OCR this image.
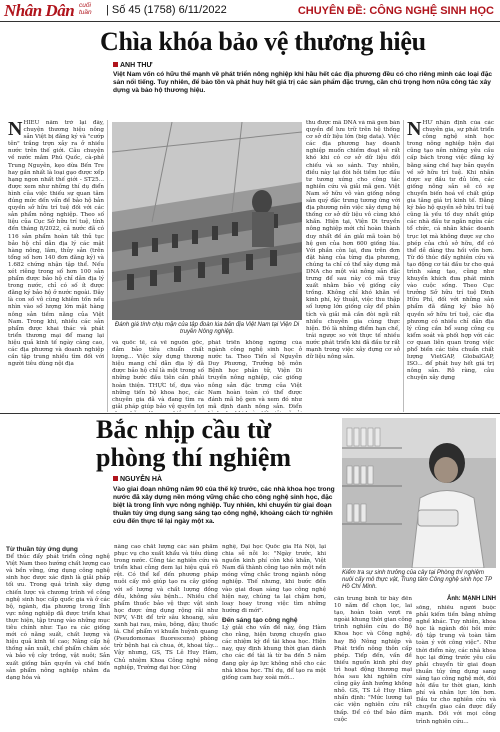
Nhân Dân cuối tuần	| Số 45 (1758) 6/11/2022	CHUYÊN ĐỀ: CÔNG NGHỆ SINH HỌC
Chìa khóa bảo vệ thương hiệu
ANH THƯ
Việt Nam vốn có hữu thế mạnh về phát triển nông nghiệp khi hầu hết các địa phương đều có cho riêng mình các loại đặc sản nổi tiếng. Tuy nhiên, để bảo tồn và phát huy hết giá trị các sản phẩm đặc trưng, cần chú trọng hơn nữa công tác xây dựng và bảo hộ thương hiệu.
NHIỀU năm trở lại đây, chuyện thương hiệu nông sản Việt bị đăng ký và "cướp tên" trắng trợn xảy ra ở nhiều nước trên thế giới. Câu chuyện về nước mắm Phú Quốc, cà-phê Trung Nguyên, kẹo dừa Bến Tre hay gần nhất là loại gạo được xếp hạng ngon nhất thế giới - ST25... được xem như những thí dụ điển hình của việc thiếu sự quan tâm đúng mức đến vấn đề bảo hộ bản quyền sở hữu trí tuệ đối với các sản phẩm nông nghiệp. Theo số liệu của Cục Sở hữu trí tuệ, tính đến tháng 8/2022, cả nước đã có 116 sản phẩm hoàn tất thủ tục bảo hộ chỉ dẫn địa lý các mặt hàng nông, lâm, thủy sản (trên tổng số hơn 140 đơn đăng ký) và 1.682 chứng nhận tập thể. Nếu xét riêng trong số hơn 100 sản phẩm được bảo hộ chỉ dẫn địa lý trong nước, chỉ có số ít được đăng ký bảo hộ ở nước ngoài. Đây là con số vô cùng khiêm tốn nếu nhìn vào số lượng lớn mặt hàng nông sản tiềm năng của Việt Nam. Trong khi, nhiều các sản phẩm được khai thác và phát triển thương mại để mang lại hiệu quả kinh tế ngày càng cao, các địa phương và doanh nghiệp cần tập trung nhiều tìm đối với người tiêu dùng nội địa
Đánh giá tính chịu mặn của tập đoàn lúa bản địa Việt Nam tại Viện Di truyền Nông nghiệp.
và quốc tế, cả về nguồn gốc, đảm bảo tiêu chuẩn chất lượng... Việc xây dựng thương hiệu mang chỉ dẫn địa lý đã được bảo hộ chỉ là một trong số những bước đầu tiên cần phải hoàn thiện. THỰC tế, dựa vào những tiến bộ khoa học, các chuyên gia đã và đang tìm ra giải pháp giúp bảo vệ quyền lợi
phát triển không ngừng của ngành công nghệ sinh học ở nước ta. Theo Tiến sĩ Nguyễn Duy Phương, Trưởng bộ môn Bệnh học phân tử, Viện Di truyền nông nghiệp, các giống nông sản đặc trưng của Việt Nam hoàn toàn có thể được đánh mã bộ gen và xem đó như mã định danh nông sản. Điển
thu được mã DNA và mã gen bản quyền để lưu trữ trên hệ thống cơ sở dữ liệu lớn (big data). Việc các địa phương hay doanh nghiệp muốn chiếm đoạt sẽ rất khó khi có cơ sở dữ liệu đối chiếu và so sánh. Tuy nhiên, điều này lại đòi hỏi tiềm lực đầu tư tương xứng cho công tác nghiên cứu và giải mã gen. Việt Nam sở hữu vô vàn giống nông sản quý đặc trưng tương ứng với địa phương nên việc xây dựng hệ thống cơ sở dữ liệu vô cùng khó khăn. Hiện tại, Viện Di truyền nông nghiệp mới chỉ hoàn thành duy nhất đề án giải mã toàn bộ hệ gen của hơn 600 giống lúa. Với phần còn lại, đưa trên đơn đặt hàng của từng địa phương, chúng ta chỉ có thể xây dựng mã DNA cho một vài nông sản đặc trưng để sau này có mã truy xuất nhằm bảo vệ giống cây trồng. Không chỉ khó khăn về kinh phí, kỹ thuật, việc thu thập số lượng lớn giống cây để phân tích và giải mã cần đòi ngũ rất nhiều chuyên gia cùng thực hiện. Đó là những điểm hạn chế, trái ngược so với thực tế nhiều nước phát triển khi đã đầu tư rất mạnh trong việc xây dựng cơ sở dữ liệu nông sản.
NHƯ nhận định của các chuyên gia, sự phát triển công nghệ sinh học trong nông nghiệp hiện đại cũng tạo nên những yêu cầu cấp bách trong việc đăng ký bằng sáng chế hay bản quyền về sở hữu trí tuệ. Khi nhãn dược sự đầu tư đủ lớn, các giống nông sản sẽ có sự chuyển biến hoá về chất giúp gia tăng giá trị kinh tế. Đăng ký bảo hộ quyền sở hữu trí tuệ cũng là yếu tố duy nhất giúp các nhà đầu tư ngăn ngừa các tổ chức, cá nhân khác doanh trục lợi mà không được sự cho phép của chủ sở hữu, để có thể dễ dàng thu hồi vốn hơn. Từ đó thúc đẩy nghiên cứu và tạo động cơ tái đầu tư cho quá trình sáng tạo, cũng như khuyến khích đưa phát minh vào cuộc sống. Theo Cục trưởng Sở hữu trí tuệ Đinh Hữu Phí, đối với những sản phẩm đã đăng ký bảo hộ quyền sở hữu trí tuệ, các địa phương có nhiều chỉ dẫn địa lý cũng cần bổ sung công cụ kiểm soát và phối hợp với các cơ quan liên quan trong việc phổ biến các tiêu chuẩn chất lượng VietGAP, GlobalGAP, ISO... để phát huy hết giá trị nông sản. Rõ ràng, câu chuyện xây dựng
Bắc nhịp cầu từ phòng thí nghiệm
NGUYỄN HÀ
Vào giai đoạn những năm 90 của thế kỷ trước, các nhà khoa học trong nước đã xây dựng nền móng vững chắc cho công nghệ sinh học, đặc biệt là trong lĩnh vực nông nghiệp. Tuy nhiên, khi chuyển từ giai đoạn thuần túy ứng dụng sang sáng tạo công nghệ, khoảng cách từ nghiên cứu đến thực tế lại ngày một xa.
Kiểm tra sự sinh trưởng của cây tại Phòng thí nghiệm nuôi cấy mô thực vật, Trung tâm Công nghệ sinh học TP Hồ Chí Minh.
Từ thuần túy ứng dụng
Để thúc đẩy phát triển công nghệ Việt Nam theo hướng chất lượng cao và bền vững, ứng dụng công nghệ sinh học được xác định là giải pháp tối ưu. Trong quá trình xây dựng chiến lược và chương trình về công nghệ sinh học cấp quốc gia và ở các bộ, ngành, địa phương trong lĩnh vực nông nghiệp đã được triển khai thực hiện, tập trung vào những mục tiêu chính như: Tạo ra các giống mới có năng suất, chất lượng và hiệu quả kinh tế cao; Nâng cấp hệ thống sản xuất, chế phẩm chăm sóc và bảo vệ cây trồng, vật nuôi; Sản xuất giống bản quyền và chế biến sản phẩm nông nghiệp nhằm đa dạng hóa và
nâng cao chất lượng các sản phẩm phục vụ cho xuất khẩu và tiêu dùng trong nước. Công tác nghiên cứu và triển khai cũng đem lại hiệu quả rõ rệt. Có thể kể đến phương pháp nuôi cấy mô giúp tạo ra cây giống với số lượng và chất lượng đồng đều, không sâu bệnh... Nhiều chế phẩm thuốc bảo vệ thực vật sinh học được ứng dụng rộng rãi như NPV, V-Bt để trừ sâu khoang, sâu xanh hại rau, màu, bông, đậu; thuốc lá. Chế phẩm vi khuẩn huỳnh quang (Pseudomonas fluorescens) phòng trừ bệnh hại cà chua, ớt, khoai tây... Vậy nhưng, GS, TS Lê Huy Hàm, Chủ nhiệm Khoa Công nghệ nông nghiệp, Trường đại học Công
nghệ, Đại học Quốc gia Hà Nội, lại chia sẻ nỗi lo: "Ngày trước, khi nguồn kinh phí còn khó khăn, Việt Nam đã thành công tạo nên một nền móng vững chắc trong ngành nông nghiệp. Thế nhưng, khi bước đến vào giai đoạn sáng tạo công nghệ hiện nay, chúng ta lại chậm hơn, loay hoay trong việc tìm những hướng đi mới".
Đến sáng tạo công nghệ
Lý giải cho vấn đề này, ông Hàm cho rằng, hiện tượng chuyển giao các nhiệm kỳ đề tài khoa học. Hiện nay, quy định khung thời gian dành cho các đề tài là từ ba đến 5 năm đang gây áp lực không nhỏ cho các nhà khoa học. Thí dụ, để tạo ra một giống cam hay xoài mới...
cần trung bình từ bảy đến 10 năm để chọn lọc, lai tạo, hoàn toàn vượt ra ngoài khung thời gian công trình nghiên cứu do Bộ Khoa học và Công nghệ, hay Bộ Nông nghiệp và Phát triển nông thôn cấp phép. Tiếp đến, vấn đề thiếu nguồn kinh phí duy trì hoạt động thương mại hóa sau khi nghiên cứu cũng gây ảnh hưởng không nhỏ. GS, TS Lê Huy Hàm nhấn định: "Mức lương tại các viện nghiên cứu rất thấp. Để có thể bảo đảm cuộc
Ảnh: MẠNH LINH
sống, nhiều người buộc phải kiếm tiền bằng những nghề khác. Tuy nhiên, khoa học là ngành đòi hỏi mức độ tập trung và toàn tâm toàn ý với công việc". Như thời điểm này, các nhà khoa học lại đứng trước yêu cầu phải chuyển từ giai đoạn thuần túy ứng dụng sang sáng tạo công nghệ mới, đòi hỏi đầu tư thời gian, kinh phí và nhân lực lớn hơn. Đầu tư cho nghiên cứu và chuyển giao cần được đẩy mạnh. Đối với mọi công trình nghiên cứu...
